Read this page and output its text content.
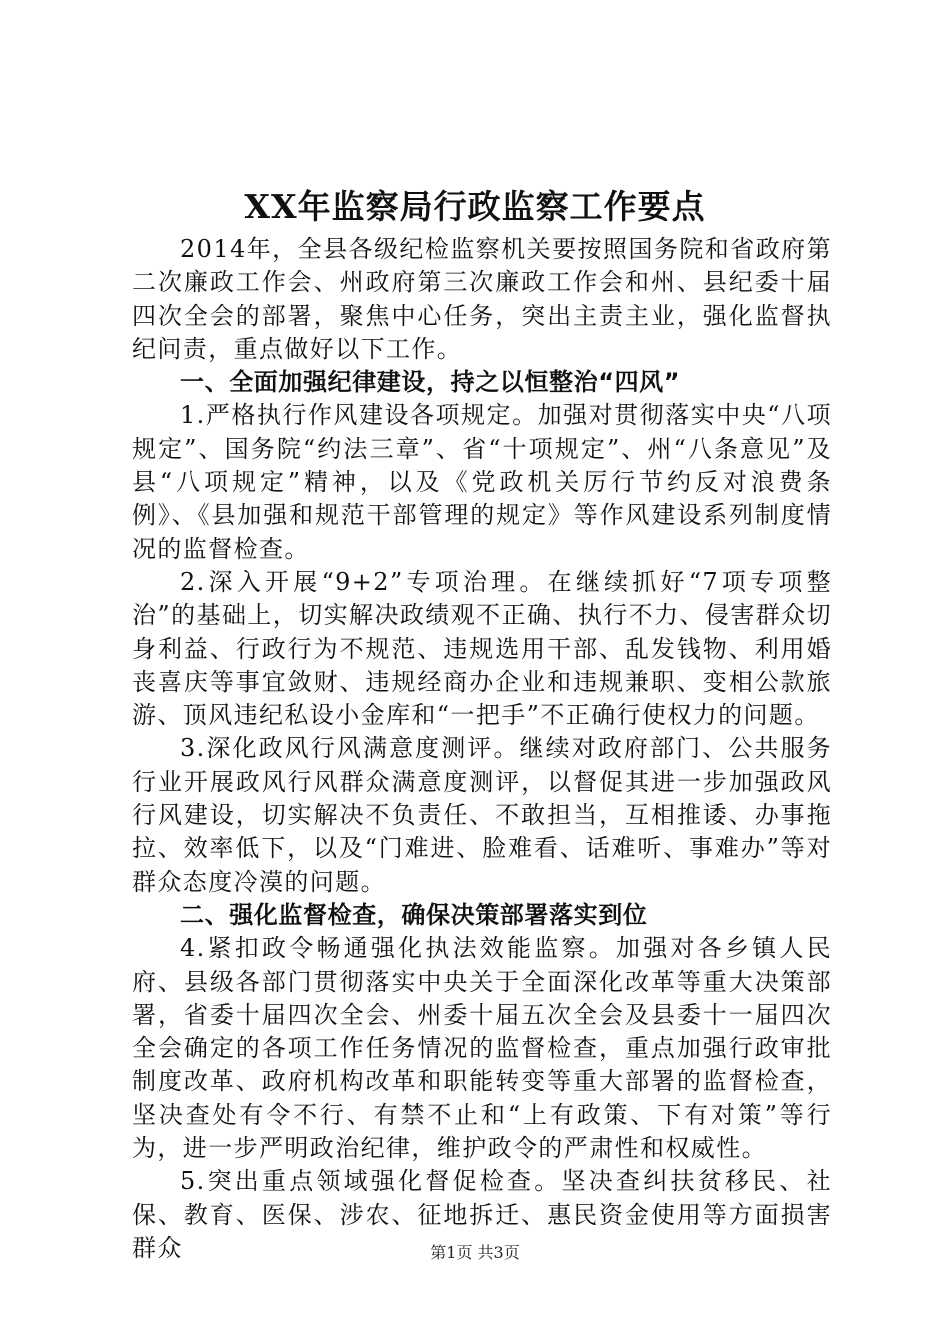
XX年监察局行政监察工作要点

2014年，全县各级纪检监察机关要按照国务院和省政府第二次廉政工作会、州政府第三次廉政工作会和州、县纪委十届四次全会的部署，聚焦中心任务，突出主责主业，强化监督执纪问责，重点做好以下工作。

一、全面加强纪律建设，持之以恒整治“四风”

1.严格执行作风建设各项规定。加强对贯彻落实中央“八项规定”、国务院“约法三章”、省“十项规定”、州“八条意见”及县“八项规定”精神，以及《党政机关厉行节约反对浪费条例》、《县加强和规范干部管理的规定》等作风建设系列制度情况的监督检查。

2.深入开展“9+2”专项治理。在继续抓好“7项专项整治”的基础上，切实解决政绩观不正确、执行不力、侵害群众切身利益、行政行为不规范、违规选用干部、乱发钱物、利用婚丧喜庆等事宜敛财、违规经商办企业和违规兼职、变相公款旅游、顶风违纪私设小金库和“一把手”不正确行使权力的问题。

3.深化政风行风满意度测评。继续对政府部门、公共服务行业开展政风行风群众满意度测评，以督促其进一步加强政风行风建设，切实解决不负责任、不敢担当，互相推诿、办事拖拉、效率低下，以及“门难进、脸难看、话难听、事难办”等对群众态度冷漠的问题。

二、强化监督检查，确保决策部署落实到位

4.紧扣政令畅通强化执法效能监察。加强对各乡镇人民府、县级各部门贯彻落实中央关于全面深化改革等重大决策部署，省委十届四次全会、州委十届五次全会及县委十一届四次全会确定的各项工作任务情况的监督检查，重点加强行政审批制度改革、政府机构改革和职能转变等重大部署的监督检查，坚决查处有令不行、有禁不止和“上有政策、下有对策”等行为，进一步严明政治纪律，维护政令的严肃性和权威性。

5.突出重点领域强化督促检查。坚决查纠扶贫移民、社保、教育、医保、涉农、征地拆迁、惠民资金使用等方面损害群众	第1页 共3页
